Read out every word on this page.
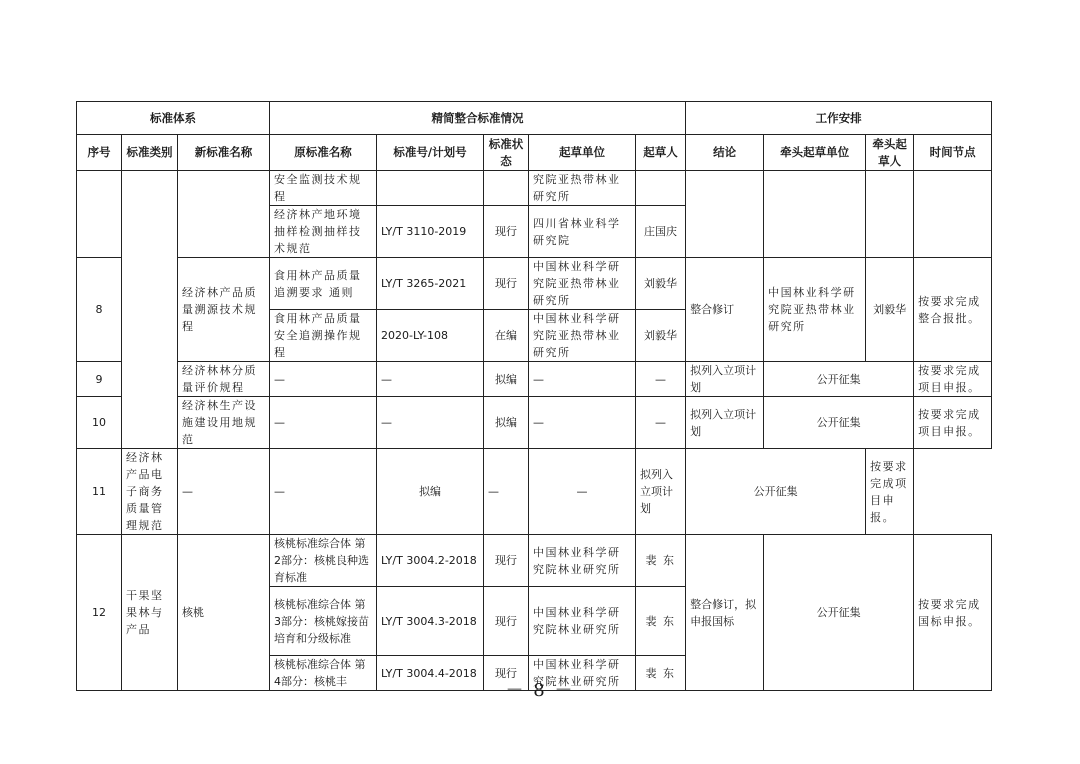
标准体系			精简整合标准情况					工作安排			
序号	标准类别	新标准名称	原标准名称	标准号/计划号	标准状态	起草单位	起草人	结论	牵头起草单位	牵头起草人	时间节点
			安全监测技术规程			究院亚热带林业研究所					
			经济林产地环境抽样检测抽样技术规范	LY/T 3110-2019	现行	四川省林业科学研究院	庄国庆				
8		经济林产品质量溯源技术规程	食用林产品质量追溯要求 通则	LY/T 3265-2021	现行	中国林业科学研究院亚热带林业研究所	刘毅华	整合修订	中国林业科学研究院亚热带林业研究所	刘毅华	按要求完成整合报批。
			食用林产品质量安全追溯操作规程	2020-LY-108	在编	中国林业科学研究院亚热带林业研究所	刘毅华				
9		经济林林分质量评价规程	—	—	拟编	—	—	拟列入立项计划	公开征集		按要求完成项目申报。
10		经济林生产设施建设用地规范	—	—	拟编	—	—	拟列入立项计划	公开征集		按要求完成项目申报。
11	经济林产品电子商务质量管理规范	—	—	拟编	—	—	拟列入立项计划	公开征集		按要求完成项目申报。	
12	干果坚果林与产品	核桃	核桃标准综合体 第2部分：核桃良种选育标准	LY/T 3004.2-2018	现行	中国林业科学研究院林业研究所	裴 东	整合修订，拟申报国标	公开征集		按要求完成国标申报。
			核桃标准综合体 第3部分：核桃嫁接苗培育和分级标准	LY/T 3004.3-2018	现行	中国林业科学研究院林业研究所	裴 东				
			核桃标准综合体 第4部分：核桃丰	LY/T 3004.4-2018	现行	中国林业科学研究院林业研究所	裴 东				
－ 8 －
